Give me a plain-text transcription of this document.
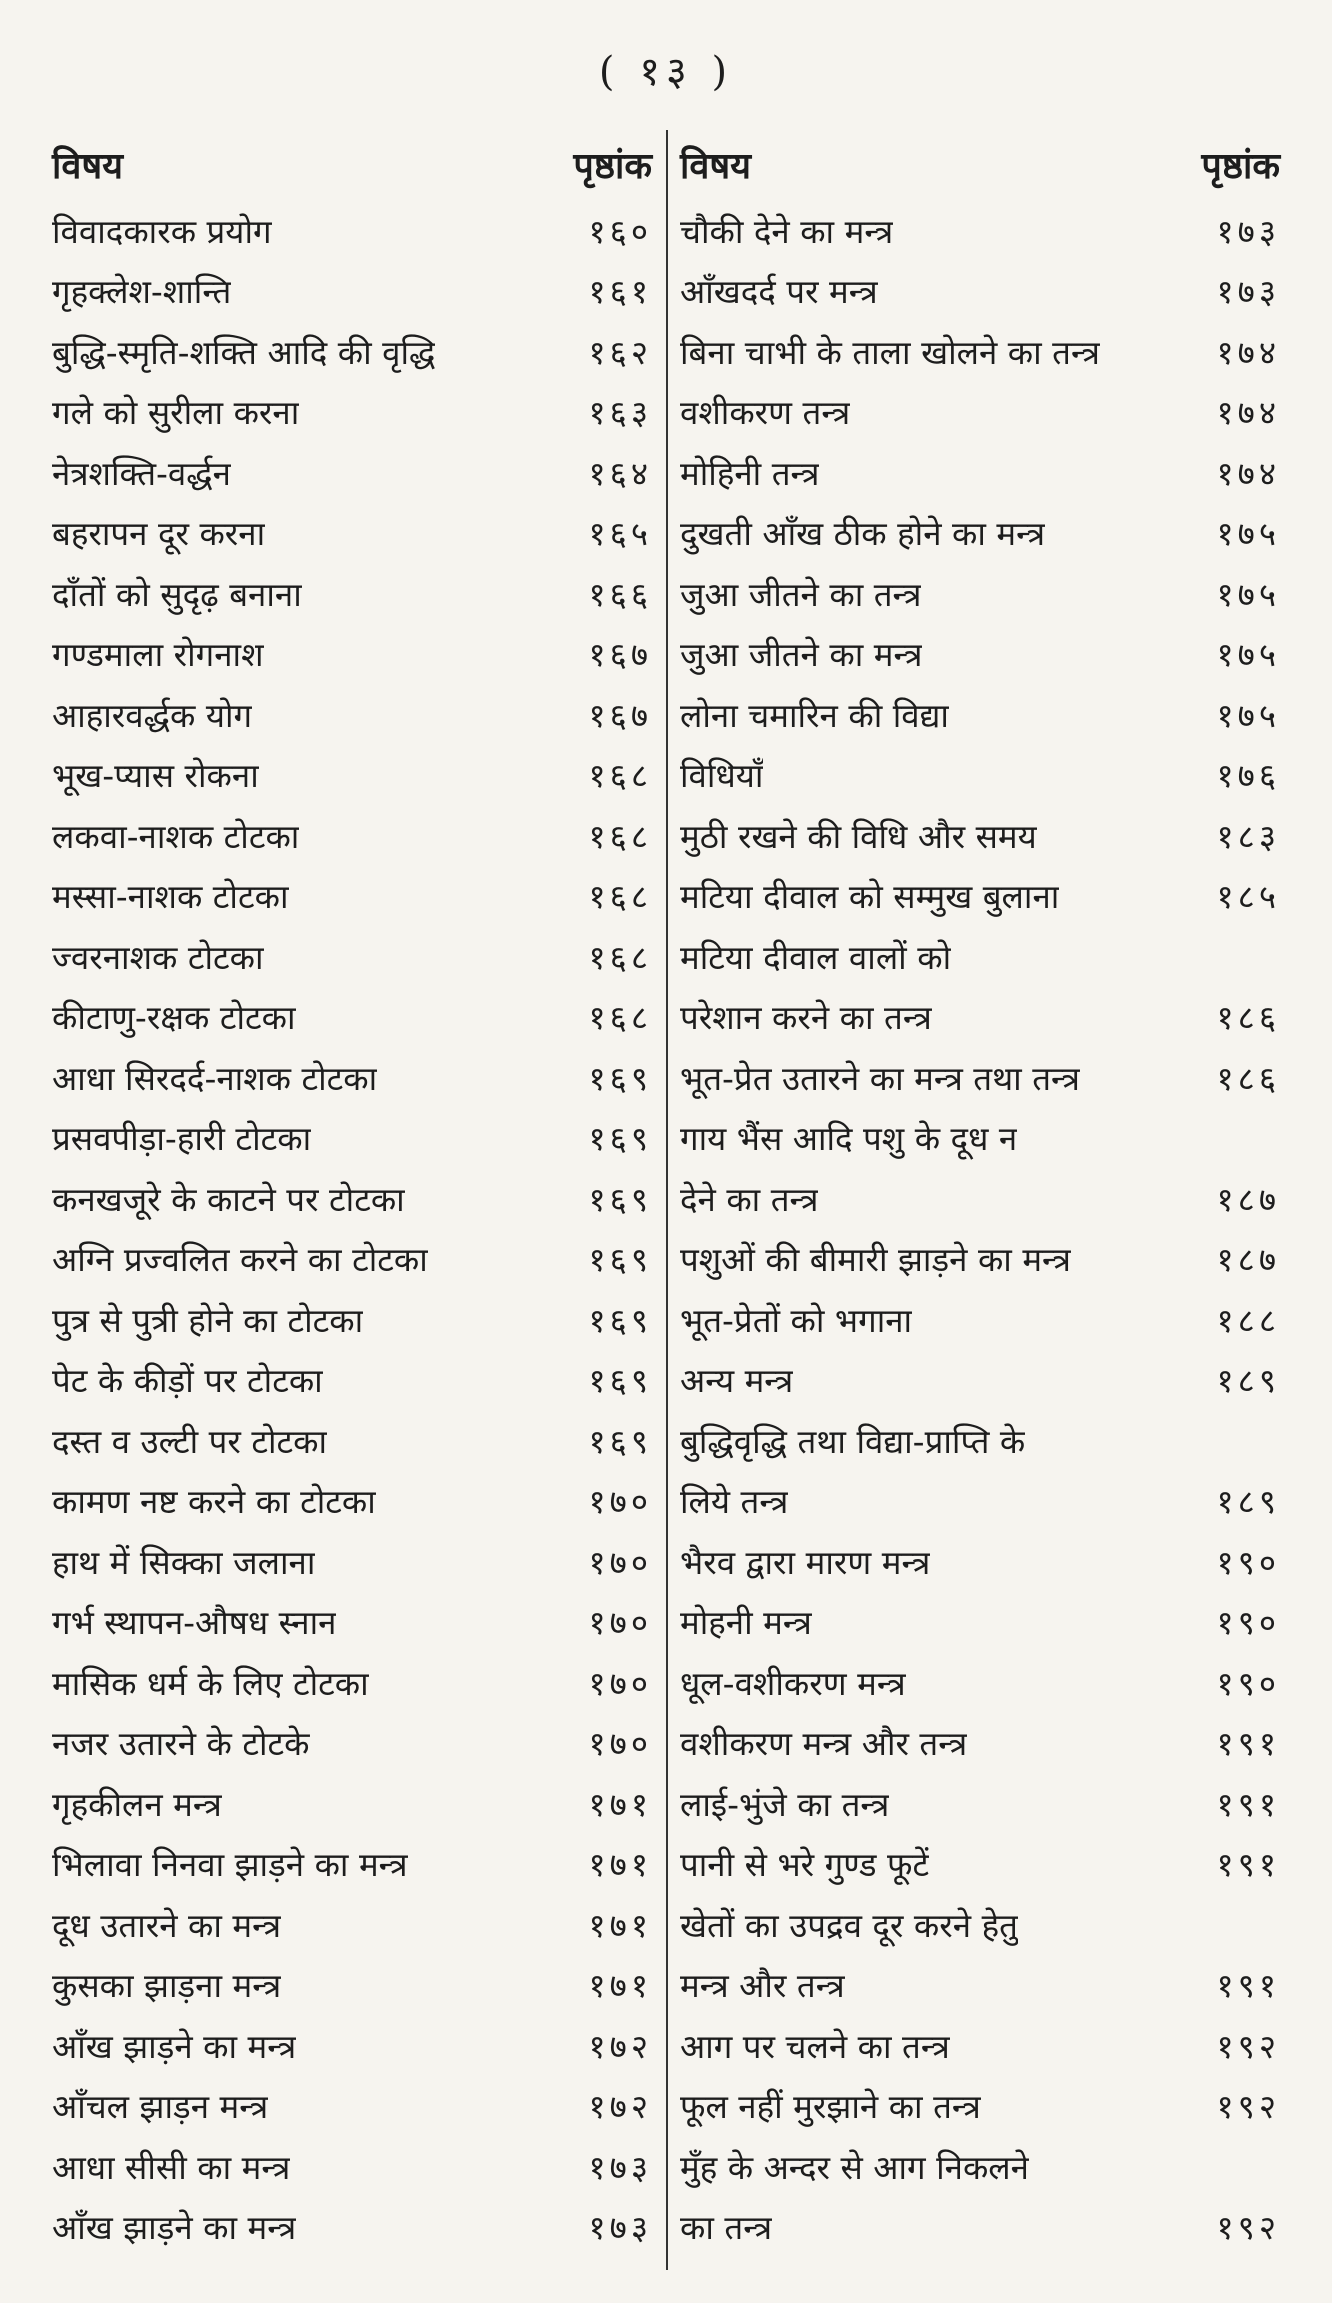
( १३ )
विषय	पृष्ठांक
विवादकारक प्रयोग	१६०
गृहक्लेश-शान्ति	१६१
बुद्धि-स्मृति-शक्ति आदि की वृद्धि	१६२
गले को सुरीला करना	१६३
नेत्रशक्ति-वर्द्धन	१६४
बहरापन दूर करना	१६५
दाँतों को सुदृढ़ बनाना	१६६
गण्डमाला रोगनाश	१६७
आहारवर्द्धक योग	१६७
भूख-प्यास रोकना	१६८
लकवा-नाशक टोटका	१६८
मस्सा-नाशक टोटका	१६८
ज्वरनाशक टोटका	१६८
कीटाणु-रक्षक टोटका	१६८
आधा सिरदर्द-नाशक टोटका	१६९
प्रसवपीड़ा-हारी टोटका	१६९
कनखजूरे के काटने पर टोटका	१६९
अग्नि प्रज्वलित करने का टोटका	१६९
पुत्र से पुत्री होने का टोटका	१६९
पेट के कीड़ों पर टोटका	१६९
दस्त व उल्टी पर टोटका	१६९
कामण नष्ट करने का टोटका	१७०
हाथ में सिक्का जलाना	१७०
गर्भ स्थापन-औषध स्नान	१७०
मासिक धर्म के लिए टोटका	१७०
नजर उतारने के टोटके	१७०
गृहकीलन मन्त्र	१७१
भिलावा निनवा झाड़ने का मन्त्र	१७१
दूध उतारने का मन्त्र	१७१
कुसका झाड़ना मन्त्र	१७१
आँख झाड़ने का मन्त्र	१७२
आँचल झाड़न मन्त्र	१७२
आधा सीसी का मन्त्र	१७३
आँख झाड़ने का मन्त्र	१७३
विषय	पृष्ठांक
चौकी देने का मन्त्र	१७३
आँखदर्द पर मन्त्र	१७३
बिना चाभी के ताला खोलने का तन्त्र	१७४
वशीकरण तन्त्र	१७४
मोहिनी तन्त्र	१७४
दुखती आँख ठीक होने का मन्त्र	१७५
जुआ जीतने का तन्त्र	१७५
जुआ जीतने का मन्त्र	१७५
लोना चमारिन की विद्या	१७५
विधियाँ	१७६
मुठी रखने की विधि और समय	१८३
मटिया दीवाल को सम्मुख बुलाना	१८५
मटिया दीवाल वालों को
परेशान करने का तन्त्र	१८६
भूत-प्रेत उतारने का मन्त्र तथा तन्त्र	१८६
गाय भैंस आदि पशु के दूध न
देने का तन्त्र	१८७
पशुओं की बीमारी झाड़ने का मन्त्र	१८७
भूत-प्रेतों को भगाना	१८८
अन्य मन्त्र	१८९
बुद्धिवृद्धि तथा विद्या-प्राप्ति के
लिये तन्त्र	१८९
भैरव द्वारा मारण मन्त्र	१९०
मोहनी मन्त्र	१९०
धूल-वशीकरण मन्त्र	१९०
वशीकरण मन्त्र और तन्त्र	१९१
लाई-भुंजे का तन्त्र	१९१
पानी से भरे गुण्ड फूटें	१९१
खेतों का उपद्रव दूर करने हेतु
मन्त्र और तन्त्र	१९१
आग पर चलने का तन्त्र	१९२
फूल नहीं मुरझाने का तन्त्र	१९२
मुँह के अन्दर से आग निकलने
का तन्त्र	१९२
